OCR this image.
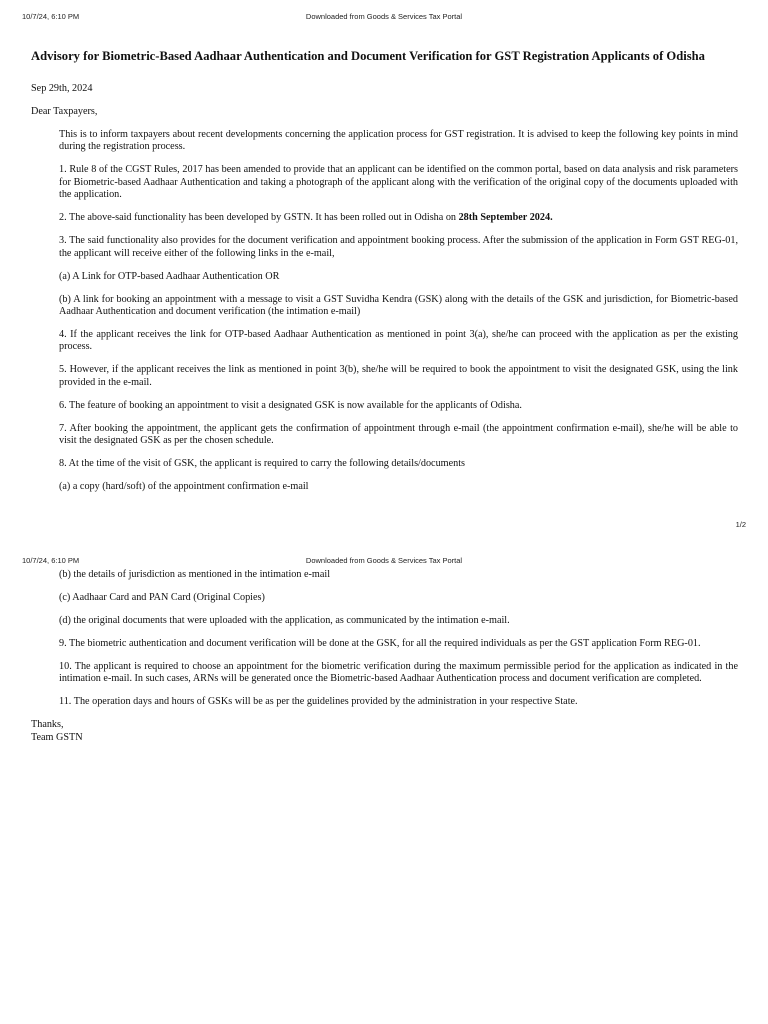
10/7/24, 6:10 PM	Downloaded from Goods & Services Tax Portal
Advisory for Biometric-Based Aadhaar Authentication and Document Verification for GST Registration Applicants of Odisha

Sep 29th, 2024

Dear Taxpayers,

This is to inform taxpayers about recent developments concerning the application process for GST registration. It is advised to keep the following key points in mind during the registration process.

1. Rule 8 of the CGST Rules, 2017 has been amended to provide that an applicant can be identified on the common portal, based on data analysis and risk parameters for Biometric-based Aadhaar Authentication and taking a photograph of the applicant along with the verification of the original copy of the documents uploaded with the application.

2. The above-said functionality has been developed by GSTN. It has been rolled out in Odisha on 28th September 2024.

3. The said functionality also provides for the document verification and appointment booking process. After the submission of the application in Form GST REG-01, the applicant will receive either of the following links in the e-mail,

(a) A Link for OTP-based Aadhaar Authentication OR

(b) A link for booking an appointment with a message to visit a GST Suvidha Kendra (GSK) along with the details of the GSK and jurisdiction, for Biometric-based Aadhaar Authentication and document verification (the intimation e-mail)

4. If the applicant receives the link for OTP-based Aadhaar Authentication as mentioned in point 3(a), she/he can proceed with the application as per the existing process.

5. However, if the applicant receives the link as mentioned in point 3(b), she/he will be required to book the appointment to visit the designated GSK, using the link provided in the e-mail.

6. The feature of booking an appointment to visit a designated GSK is now available for the applicants of Odisha.

7. After booking the appointment, the applicant gets the confirmation of appointment through e-mail (the appointment confirmation e-mail), she/he will be able to visit the designated GSK as per the chosen schedule.

8. At the time of the visit of GSK, the applicant is required to carry the following details/documents

(a) a copy (hard/soft) of the appointment confirmation e-mail

1/2
10/7/24, 6:10 PM	Downloaded from Goods & Services Tax Portal

(b) the details of jurisdiction as mentioned in the intimation e-mail

(c) Aadhaar Card and PAN Card (Original Copies)

(d) the original documents that were uploaded with the application, as communicated by the intimation e-mail.

9. The biometric authentication and document verification will be done at the GSK, for all the required individuals as per the GST application Form REG-01.

10. The applicant is required to choose an appointment for the biometric verification during the maximum permissible period for the application as indicated in the intimation e-mail. In such cases, ARNs will be generated once the Biometric-based Aadhaar Authentication process and document verification are completed.

11. The operation days and hours of GSKs will be as per the guidelines provided by the administration in your respective State.

Thanks,

Team GSTN
